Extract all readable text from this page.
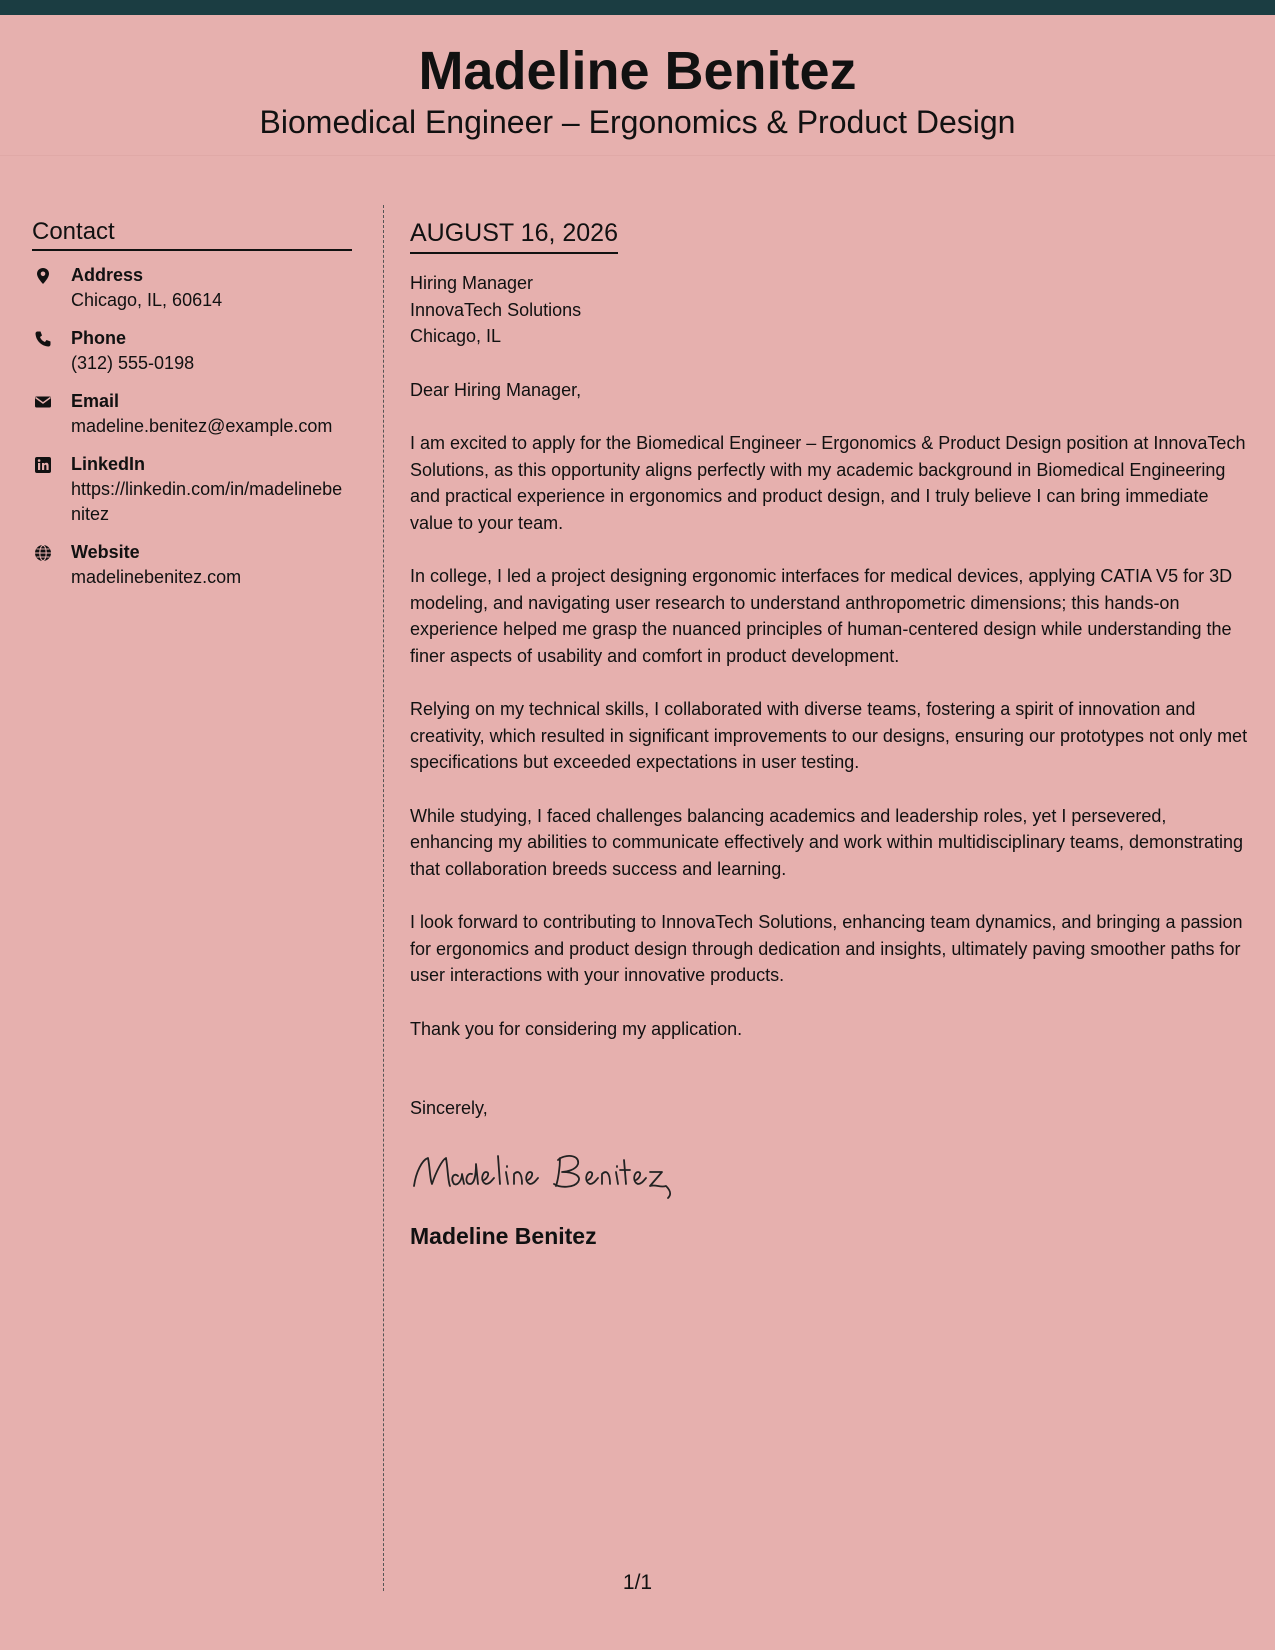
Madeline Benitez
Biomedical Engineer – Ergonomics & Product Design
Contact
Address
Chicago, IL, 60614
Phone
(312) 555-0198
Email
madeline.benitez@example.com
LinkedIn
https://linkedin.com/in/madelinebenitez
Website
madelinebenitez.com
AUGUST 16, 2026
Hiring Manager
InnovaTech Solutions
Chicago, IL
Dear Hiring Manager,
I am excited to apply for the Biomedical Engineer – Ergonomics & Product Design position at InnovaTech Solutions, as this opportunity aligns perfectly with my academic background in Biomedical Engineering and practical experience in ergonomics and product design, and I truly believe I can bring immediate value to your team.
In college, I led a project designing ergonomic interfaces for medical devices, applying CATIA V5 for 3D modeling, and navigating user research to understand anthropometric dimensions; this hands-on experience helped me grasp the nuanced principles of human-centered design while understanding the finer aspects of usability and comfort in product development.
Relying on my technical skills, I collaborated with diverse teams, fostering a spirit of innovation and creativity, which resulted in significant improvements to our designs, ensuring our prototypes not only met specifications but exceeded expectations in user testing.
While studying, I faced challenges balancing academics and leadership roles, yet I persevered, enhancing my abilities to communicate effectively and work within multidisciplinary teams, demonstrating that collaboration breeds success and learning.
I look forward to contributing to InnovaTech Solutions, enhancing team dynamics, and bringing a passion for ergonomics and product design through dedication and insights, ultimately paving smoother paths for user interactions with your innovative products.
Thank you for considering my application.
Sincerely,
Madeline Benitez
1/1
